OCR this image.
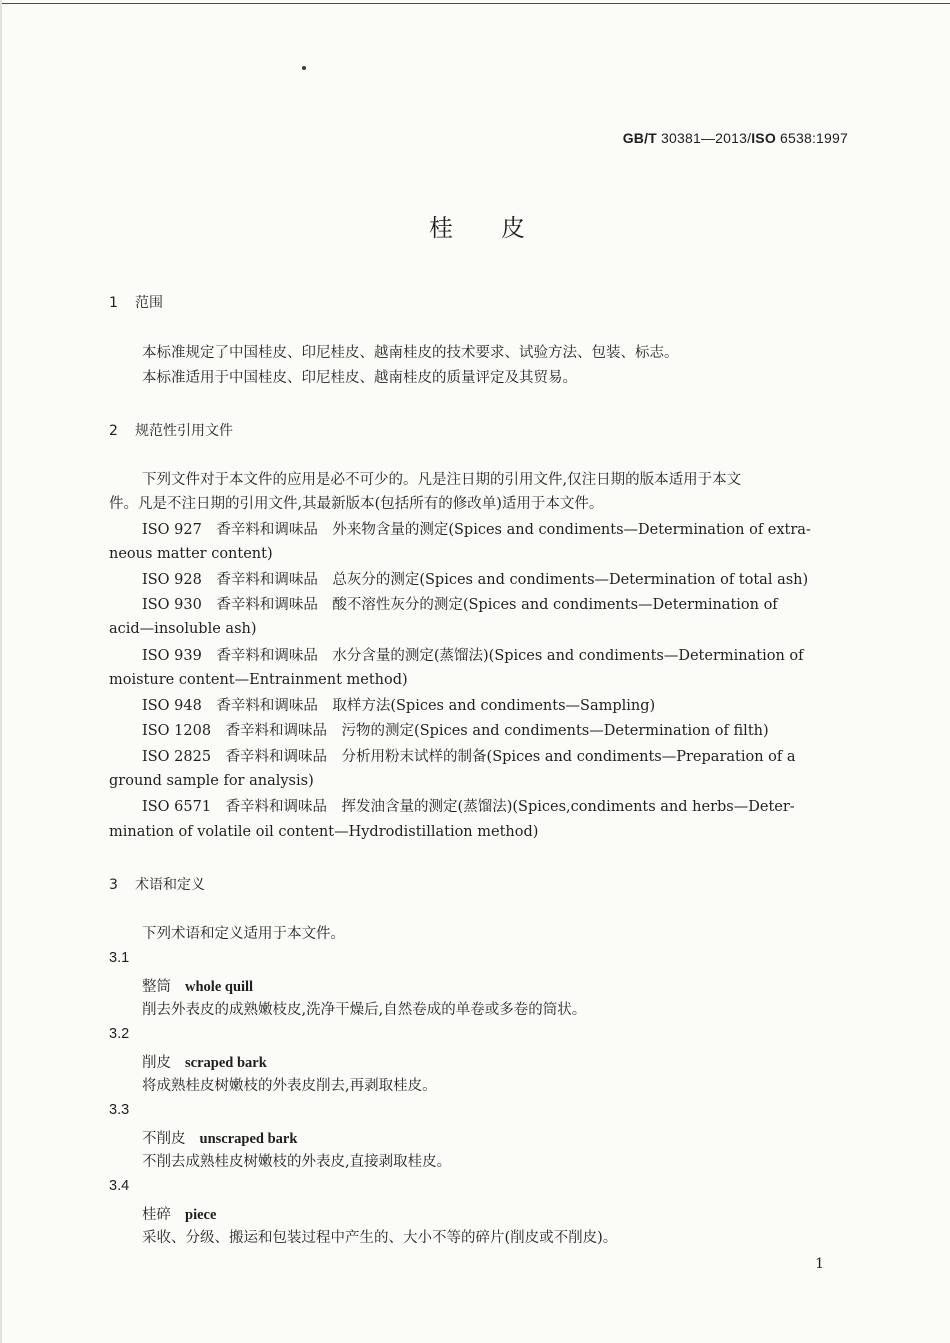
GB/T 30381—2013/ISO 6538:1997
桂皮
1 范围
本标准规定了中国桂皮、印尼桂皮、越南桂皮的技术要求、试验方法、包装、标志。
本标准适用于中国桂皮、印尼桂皮、越南桂皮的质量评定及其贸易。
2 规范性引用文件
下列文件对于本文件的应用是必不可少的。凡是注日期的引用文件,仅注日期的版本适用于本文
件。凡是不注日期的引用文件,其最新版本(包括所有的修改单)适用于本文件。
ISO 927　 香辛料和调味品　外来物含量的测定(Spices and condiments—Determination of extra-
neous matter content)
ISO 928　 香辛料和调味品　总灰分的测定(Spices and condiments—Determination of total ash)
ISO 930　 香辛料和调味品　酸不溶性灰分的测定(Spices and condiments—Determination of
acid—insoluble ash)
ISO 939　 香辛料和调味品　水分含量的测定(蒸馏法)(Spices and condiments—Determination of
moisture content—Entrainment method)
ISO 948　 香辛料和调味品　取样方法(Spices and condiments—Sampling)
ISO 1208　 香辛料和调味品　污物的测定(Spices and condiments—Determination of filth)
ISO 2825　 香辛料和调味品　分析用粉末试样的制备(Spices and condiments—Preparation of a
ground sample for analysis)
ISO 6571　 香辛料和调味品　挥发油含量的测定(蒸馏法)(Spices,condiments and herbs—Deter-
mination of volatile oil content—Hydrodistillation method)
3 术语和定义
下列术语和定义适用于本文件。
3.1
整筒 whole quill
削去外表皮的成熟嫩枝皮,洗净干燥后,自然卷成的单卷或多卷的筒状。
3.2
削皮 scraped bark
将成熟桂皮树嫩枝的外表皮削去,再剥取桂皮。
3.3
不削皮 unscraped bark
不削去成熟桂皮树嫩枝的外表皮,直接剥取桂皮。
3.4
桂碎 piece
采收、分级、搬运和包装过程中产生的、大小不等的碎片(削皮或不削皮)。
1
